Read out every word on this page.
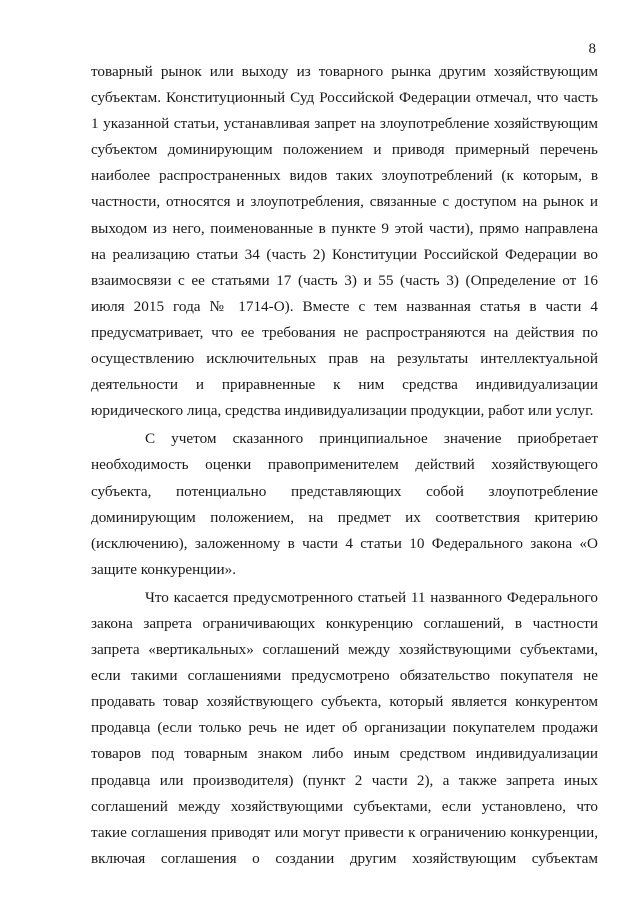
8
товарный рынок или выходу из товарного рынка другим хозяйствующим
субъектам. Конституционный Суд Российской Федерации отмечал, что часть
1 указанной статьи, устанавливая запрет на злоупотребление хозяйствующим
субъектом доминирующим положением и приводя примерный перечень
наиболее распространенных видов таких злоупотреблений (к которым, в
частности, относятся и злоупотребления, связанные с доступом на рынок и
выходом из него, поименованные в пункте 9 этой части), прямо направлена
на реализацию статьи 34 (часть 2) Конституции Российской Федерации во
взаимосвязи с ее статьями 17 (часть 3) и 55 (часть 3) (Определение от 16
июля 2015 года № 1714-О). Вместе с тем названная статья в части 4
предусматривает, что ее требования не распространяются на действия по
осуществлению исключительных прав на результаты интеллектуальной
деятельности и приравненные к ним средства индивидуализации
юридического лица, средства индивидуализации продукции, работ или услуг.
С учетом сказанного принципиальное значение приобретает
необходимость оценки правоприменителем действий хозяйствующего
субъекта, потенциально представляющих собой злоупотребление
доминирующим положением, на предмет их соответствия критерию
(исключению), заложенному в части 4 статьи 10 Федерального закона «О
защите конкуренции».
Что касается предусмотренного статьей 11 названного Федерального
закона запрета ограничивающих конкуренцию соглашений, в частности
запрета «вертикальных» соглашений между хозяйствующими субъектами,
если такими соглашениями предусмотрено обязательство покупателя не
продавать товар хозяйствующего субъекта, который является конкурентом
продавца (если только речь не идет об организации покупателем продажи
товаров под товарным знаком либо иным средством индивидуализации
продавца или производителя) (пункт 2 части 2), а также запрета иных
соглашений между хозяйствующими субъектами, если установлено, что
такие соглашения приводят или могут привести к ограничению конкуренции,
включая соглашения о создании другим хозяйствующим субъектам
